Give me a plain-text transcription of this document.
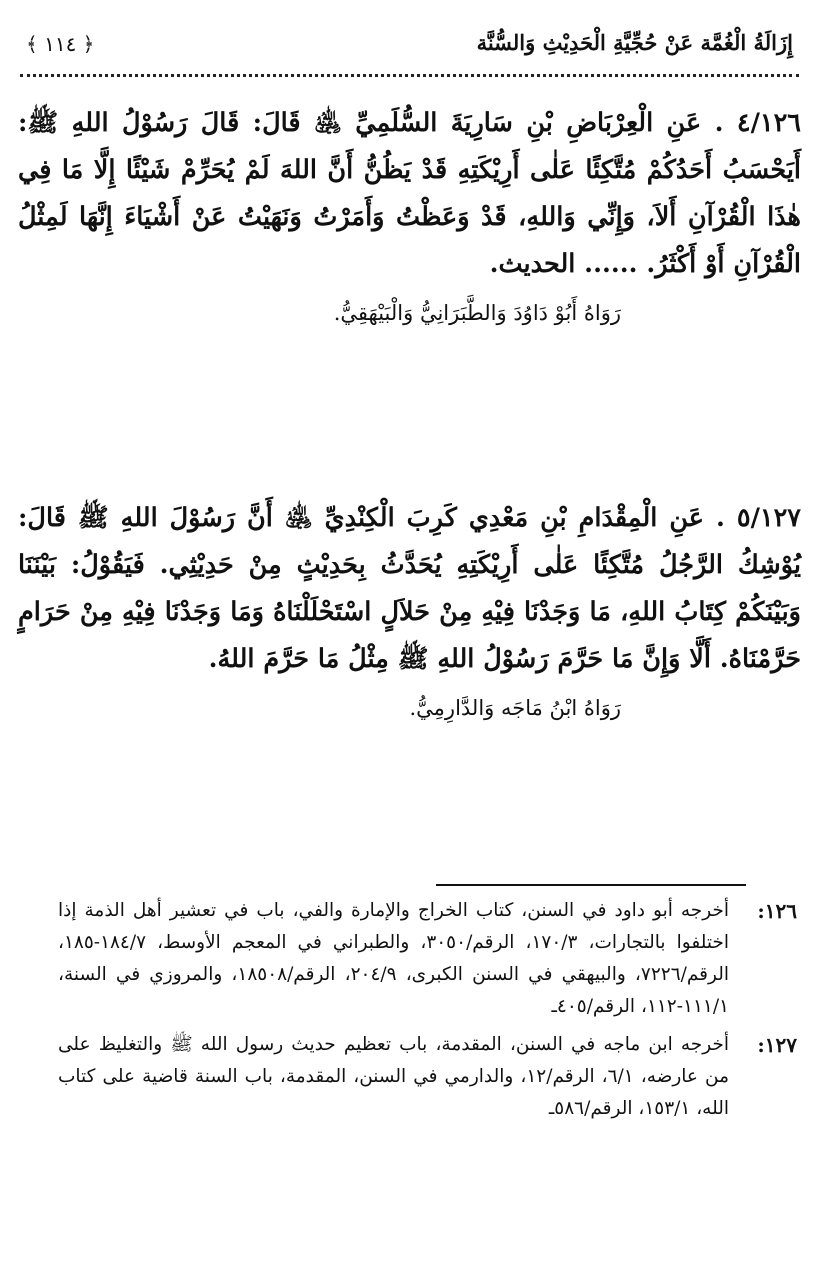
إِزَالَةُ الْغُمَّة عَنْ حُجِّيَّةِ الْحَدِيْثِ وَالسُّنَّة
﴿ ١١٤ ﴾
٤/١٢٦ . عَنِ الْعِرْبَاضِ بْنِ سَارِيَةَ السُّلَمِيِّ ﵁ قَالَ: قَالَ رَسُوْلُ اللهِ ﷺ: أَيَحْسَبُ أَحَدُكُمْ مُتَّكِئًا عَلٰى أَرِيْكَتِهِ قَدْ يَظُنُّ أَنَّ اللهَ لَمْ يُحَرِّمْ شَيْئًا إِلَّا مَا فِي هٰذَا الْقُرْآنِ أَلاَ، وَإِنِّي وَاللهِ، قَدْ وَعَظْتُ وَأَمَرْتُ وَنَهَيْتُ عَنْ أَشْيَاءَ إِنَّهَا لَمِثْلُ الْقُرْآنِ أَوْ أَكْثَرُ. ...... الحديث.
رَوَاهُ أَبُوْ دَاوُدَ وَالطَّبَرَانِيُّ وَالْبَيْهَقِيُّ.
٥/١٢٧ . عَنِ الْمِقْدَامِ بْنِ مَعْدِي كَرِبَ الْكِنْدِيِّ ﵁ أَنَّ رَسُوْلَ اللهِ ﷺ قَالَ: يُوْشِكُ الرَّجُلُ مُتَّكِئًا عَلٰى أَرِيْكَتِهِ يُحَدَّثُ بِحَدِيْثٍ مِنْ حَدِيْثِي. فَيَقُوْلُ: بَيْنَنَا وَبَيْنَكُمْ كِتَابُ اللهِ، مَا وَجَدْنَا فِيْهِ مِنْ حَلاَلٍ اسْتَحْلَلْنَاهُ وَمَا وَجَدْنَا فِيْهِ مِنْ حَرَامٍ حَرَّمْنَاهُ. أَلَّا وَإِنَّ مَا حَرَّمَ رَسُوْلُ اللهِ ﷺ مِثْلُ مَا حَرَّمَ اللهُ.
رَوَاهُ ابْنُ مَاجَه وَالدَّارِمِيُّ.
١٢٦:
أخرجه أبو داود في السنن، كتاب الخراج والإمارة والفي، باب في تعشير أهل الذمة إذا اختلفوا بالتجارات، ١٧٠/٣، الرقم/٣٠٥٠، والطبراني في المعجم الأوسط، ١٨٤/٧-١٨٥، الرقم/٧٢٢٦، والبيهقي في السنن الكبرى، ٢٠٤/٩، الرقم/١٨٥٠٨، والمروزي في السنة، ١١١/١-١١٢، الرقم/٤٠٥ـ
١٢٧:
أخرجه ابن ماجه في السنن، المقدمة، باب تعظيم حديث رسول الله ﷺ والتغليظ على من عارضه، ٦/١، الرقم/١٢، والدارمي في السنن، المقدمة، باب السنة قاضية على كتاب الله، ١٥٣/١، الرقم/٥٨٦ـ
